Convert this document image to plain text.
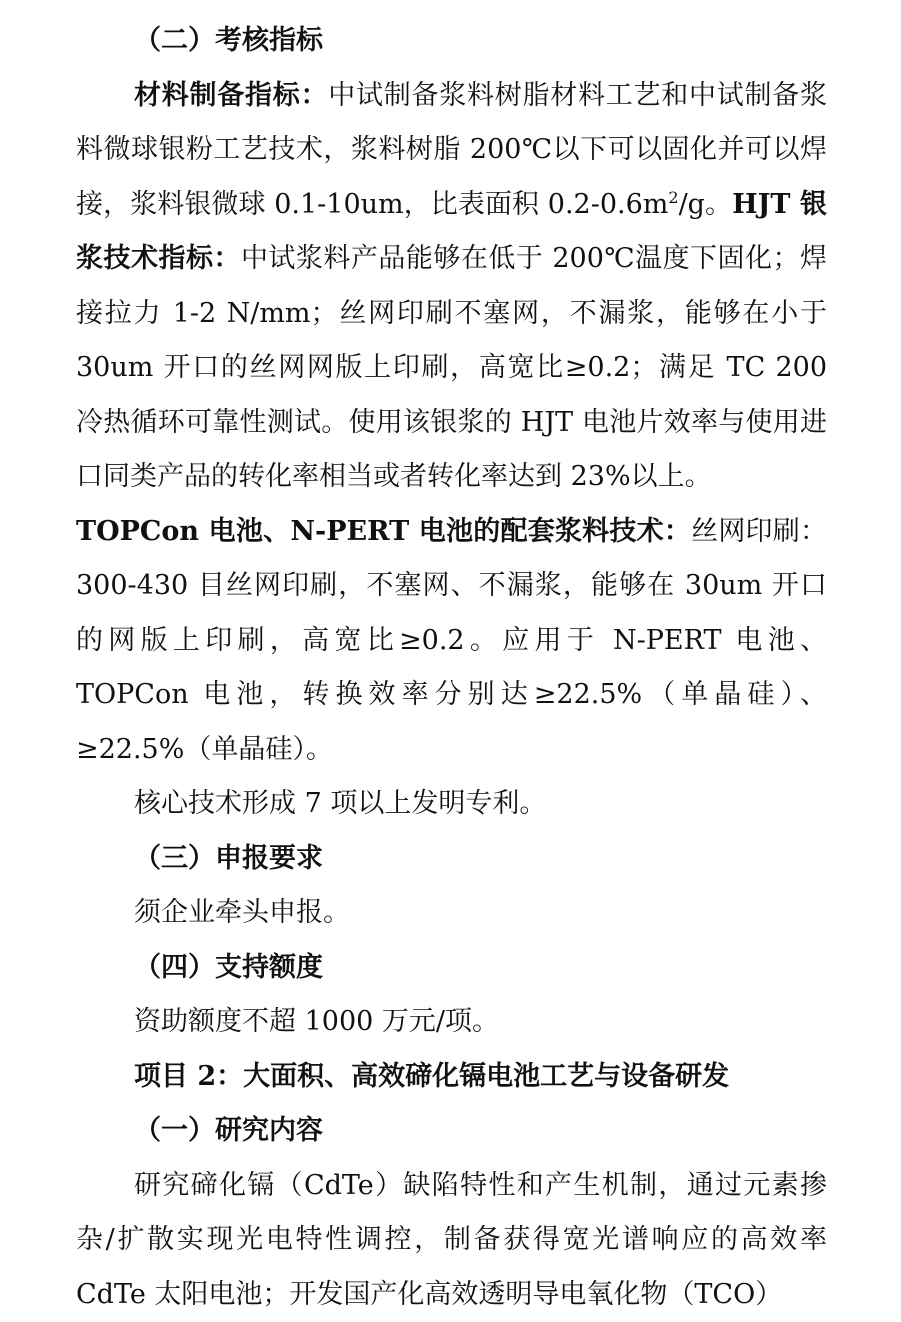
（二）考核指标

材料制备指标：中试制备浆料树脂材料工艺和中试制备浆料微球银粉工艺技术，浆料树脂 200℃以下可以固化并可以焊接，浆料银微球 0.1-10um，比表面积 $0.2-0.6m^2/g$。HJT 银浆技术指标：中试浆料产品能够在低于 200℃温度下固化；焊接拉力 1-2 N/mm；丝网印刷不塞网，不漏浆，能够在小于30um 开口的丝网网版上印刷，高宽比≥0.2；满足 TC 200 冷热循环可靠性测试。使用该银浆的 HJT 电池片效率与使用进口同类产品的转化率相当或者转化率达到 23%以上。

TOPCon 电池、N-PERT 电池的配套浆料技术：丝网印刷：300-430 目丝网印刷，不塞网、不漏浆，能够在 30um 开口的网版上印刷，高宽比≥0.2。应用于 N-PERT 电池、TOPCon 电池，转换效率分别达≥22.5%（单晶硅）、≥22.5%（单晶硅）。

核心技术形成 7 项以上发明专利。

（三）申报要求

须企业牵头申报。

（四）支持额度

资助额度不超 1000 万元/项。

项目 2：大面积、高效碲化镉电池工艺与设备研发

（一）研究内容

研究碲化镉（CdTe）缺陷特性和产生机制，通过元素掺杂/扩散实现光电特性调控，制备获得宽光谱响应的高效率CdTe 太阳电池；开发国产化高效透明导电氧化物（TCO）
